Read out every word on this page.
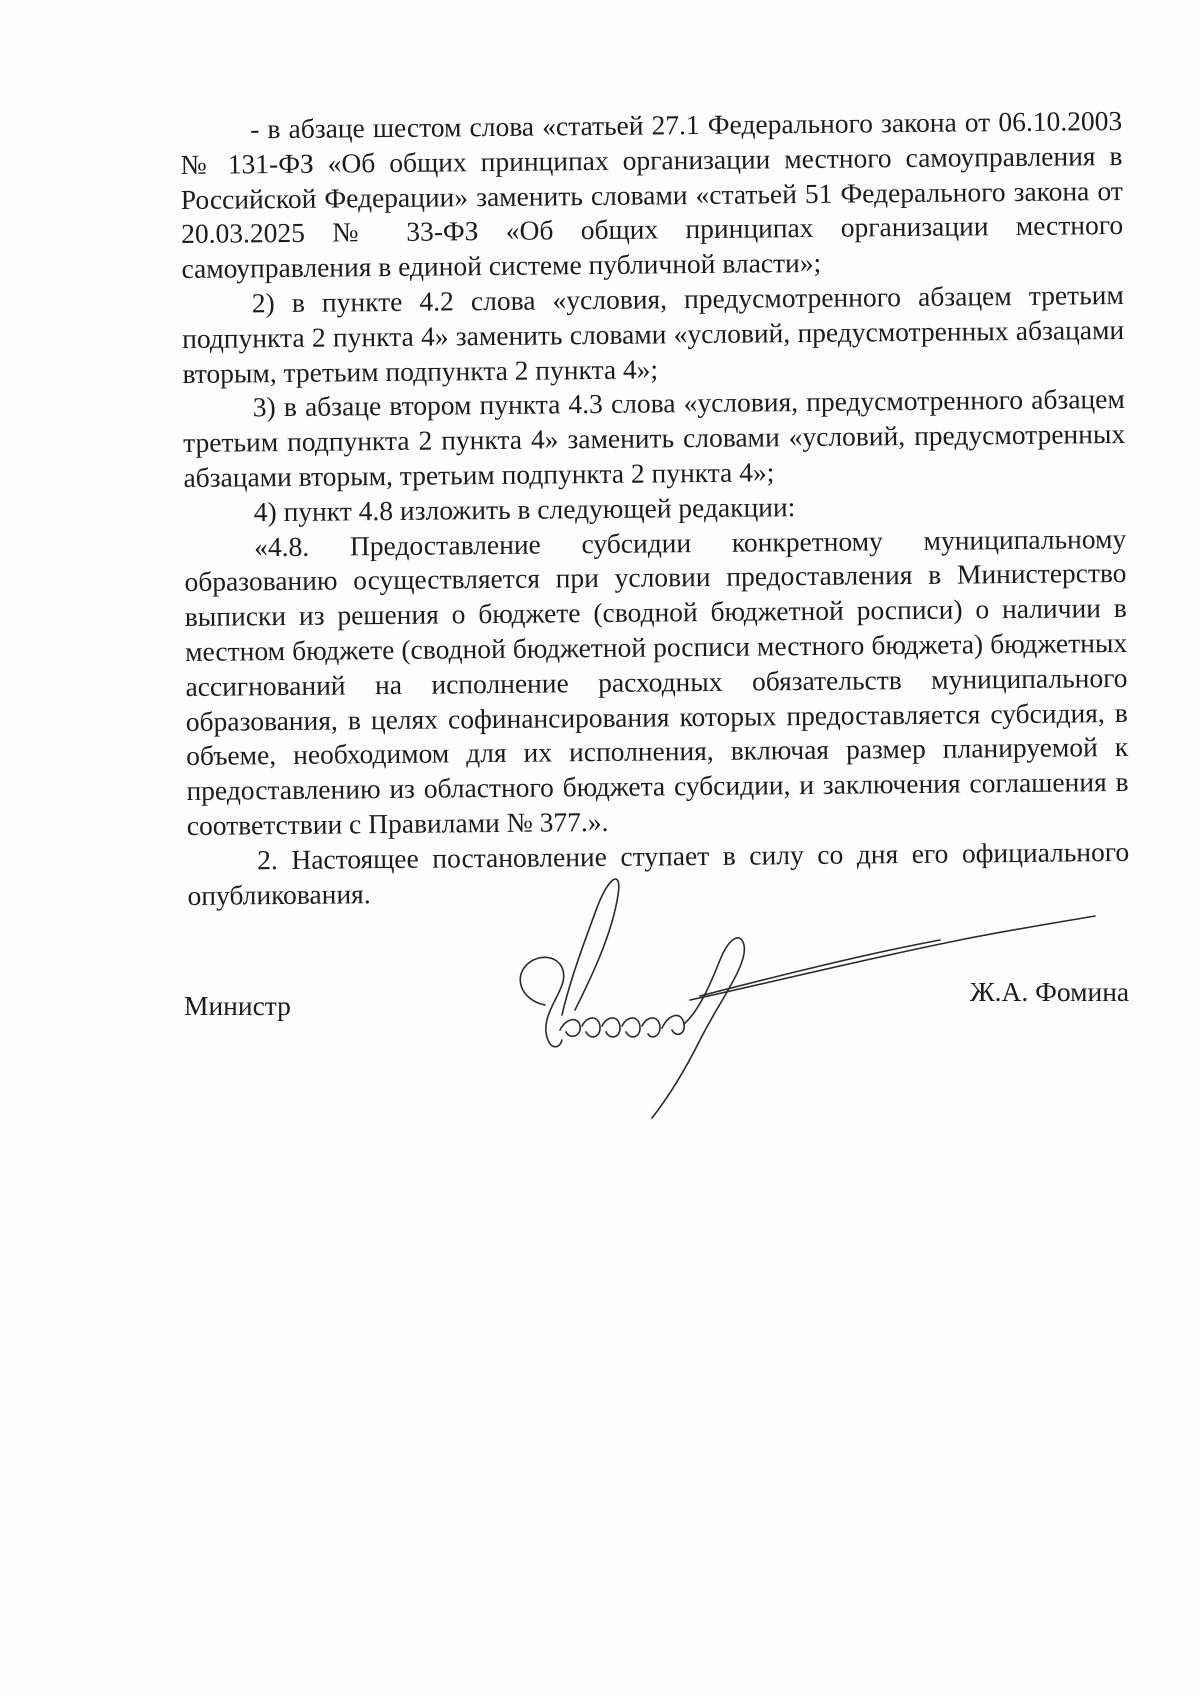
- в абзаце шестом слова «статьей 27.1 Федерального закона от 06.10.2003 № 131-ФЗ «Об общих принципах организации местного самоуправления в Российской Федерации» заменить словами «статьей 51 Федерального закона от 20.03.2025 № 33-ФЗ «Об общих принципах организации местного самоуправления в единой системе публичной власти»;

2) в пункте 4.2 слова «условия, предусмотренного абзацем третьим подпункта 2 пункта 4» заменить словами «условий, предусмотренных абзацами вторым, третьим подпункта 2 пункта 4»;

3) в абзаце втором пункта 4.3 слова «условия, предусмотренного абзацем третьим подпункта 2 пункта 4» заменить словами «условий, предусмотренных абзацами вторым, третьим подпункта 2 пункта 4»;

4) пункт 4.8 изложить в следующей редакции:

«4.8. Предоставление субсидии конкретному муниципальному образованию осуществляется при условии предоставления в Министерство выписки из решения о бюджете (сводной бюджетной росписи) о наличии в местном бюджете (сводной бюджетной росписи местного бюджета) бюджетных ассигнований на исполнение расходных обязательств муниципального образования, в целях софинансирования которых предоставляется субсидия, в объеме, необходимом для их исполнения, включая размер планируемой к предоставлению из областного бюджета субсидии, и заключения соглашения в соответствии с Правилами № 377.».

2. Настоящее постановление ступает в силу со дня его официального опубликования.

Министр	Ж.А. Фомина
